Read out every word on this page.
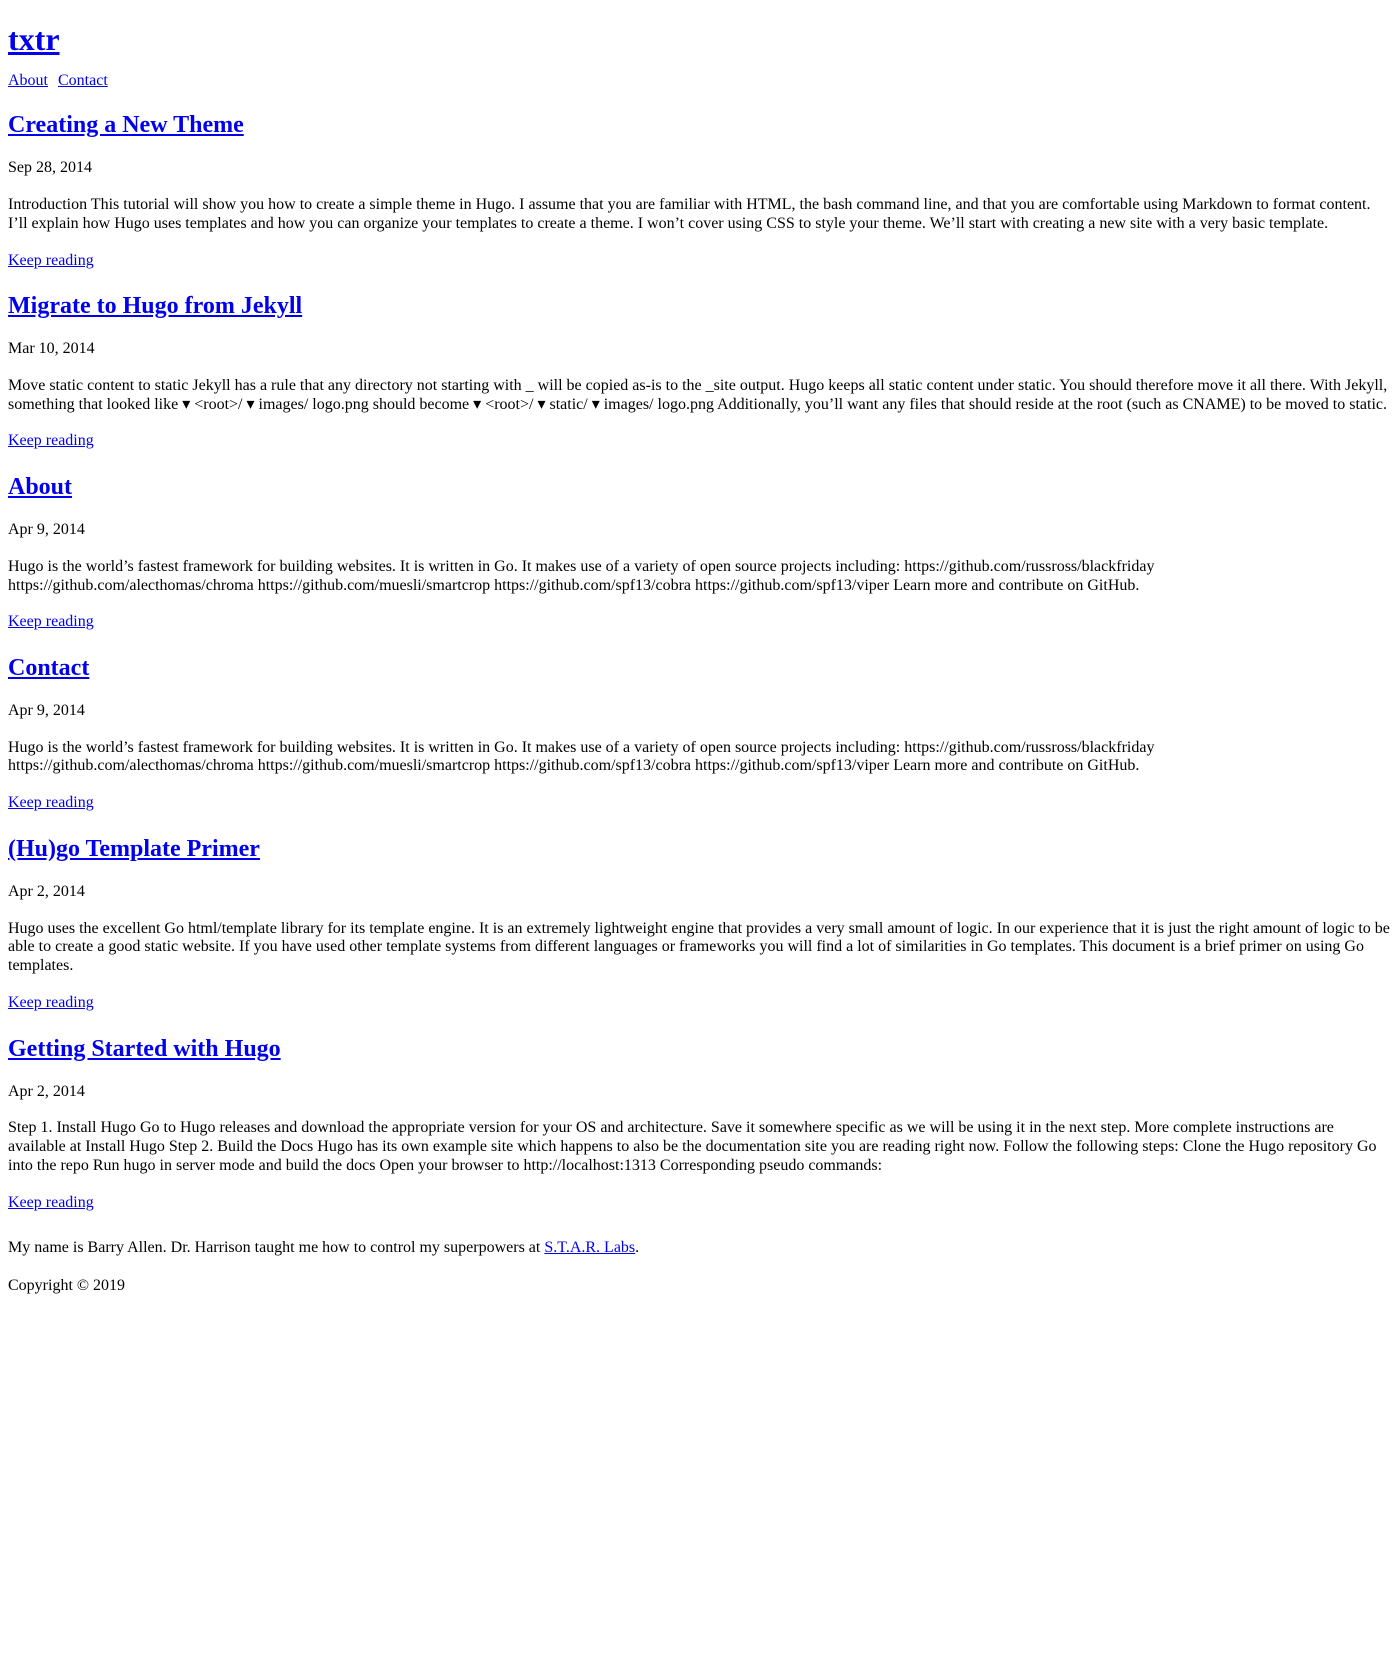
txtr
About Contact
Creating a New Theme
Sep 28, 2014
Introduction This tutorial will show you how to create a simple theme in Hugo. I assume that you are familiar with HTML, the bash command line, and that you are comfortable using Markdown to format content. I’ll explain how Hugo uses templates and how you can organize your templates to create a theme. I won’t cover using CSS to style your theme. We’ll start with creating a new site with a very basic template.
Keep reading
Migrate to Hugo from Jekyll
Mar 10, 2014
Move static content to static Jekyll has a rule that any directory not starting with _ will be copied as-is to the _site output. Hugo keeps all static content under static. You should therefore move it all there. With Jekyll, something that looked like ▾ <root>/ ▾ images/ logo.png should become ▾ <root>/ ▾ static/ ▾ images/ logo.png Additionally, you’ll want any files that should reside at the root (such as CNAME) to be moved to static.
Keep reading
About
Apr 9, 2014
Hugo is the world’s fastest framework for building websites. It is written in Go. It makes use of a variety of open source projects including: https://github.com/russross/blackfriday https://github.com/alecthomas/chroma https://github.com/muesli/smartcrop https://github.com/spf13/cobra https://github.com/spf13/viper Learn more and contribute on GitHub.
Keep reading
Contact
Apr 9, 2014
Hugo is the world’s fastest framework for building websites. It is written in Go. It makes use of a variety of open source projects including: https://github.com/russross/blackfriday https://github.com/alecthomas/chroma https://github.com/muesli/smartcrop https://github.com/spf13/cobra https://github.com/spf13/viper Learn more and contribute on GitHub.
Keep reading
(Hu)go Template Primer
Apr 2, 2014
Hugo uses the excellent Go html/template library for its template engine. It is an extremely lightweight engine that provides a very small amount of logic. In our experience that it is just the right amount of logic to be able to create a good static website. If you have used other template systems from different languages or frameworks you will find a lot of similarities in Go templates. This document is a brief primer on using Go templates.
Keep reading
Getting Started with Hugo
Apr 2, 2014
Step 1. Install Hugo Go to Hugo releases and download the appropriate version for your OS and architecture. Save it somewhere specific as we will be using it in the next step. More complete instructions are available at Install Hugo Step 2. Build the Docs Hugo has its own example site which happens to also be the documentation site you are reading right now. Follow the following steps: Clone the Hugo repository Go into the repo Run hugo in server mode and build the docs Open your browser to http://localhost:1313 Corresponding pseudo commands:
Keep reading

My name is Barry Allen. Dr. Harrison taught me how to control my superpowers at S.T.A.R. Labs.

Copyright © 2019
